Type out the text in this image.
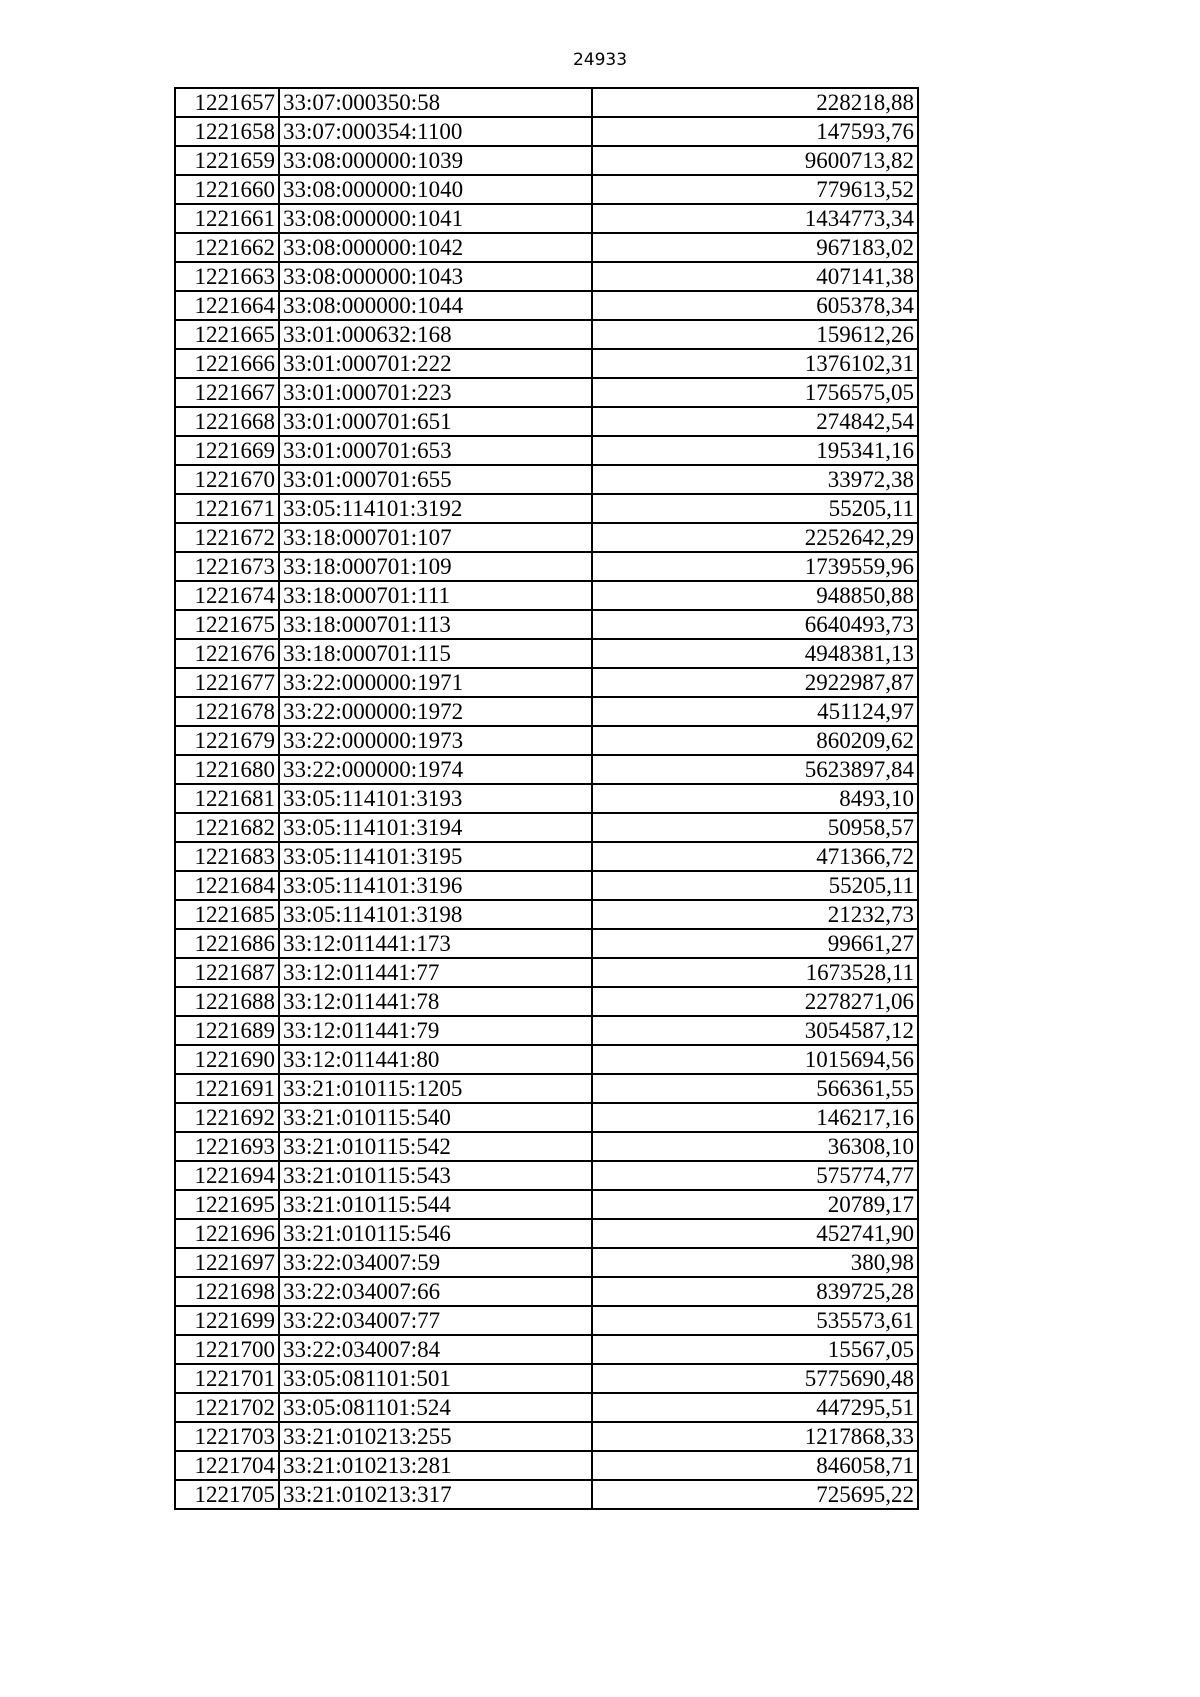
24933
1221657	33:07:000350:58	228218,88
1221658	33:07:000354:1100	147593,76
1221659	33:08:000000:1039	9600713,82
1221660	33:08:000000:1040	779613,52
1221661	33:08:000000:1041	1434773,34
1221662	33:08:000000:1042	967183,02
1221663	33:08:000000:1043	407141,38
1221664	33:08:000000:1044	605378,34
1221665	33:01:000632:168	159612,26
1221666	33:01:000701:222	1376102,31
1221667	33:01:000701:223	1756575,05
1221668	33:01:000701:651	274842,54
1221669	33:01:000701:653	195341,16
1221670	33:01:000701:655	33972,38
1221671	33:05:114101:3192	55205,11
1221672	33:18:000701:107	2252642,29
1221673	33:18:000701:109	1739559,96
1221674	33:18:000701:111	948850,88
1221675	33:18:000701:113	6640493,73
1221676	33:18:000701:115	4948381,13
1221677	33:22:000000:1971	2922987,87
1221678	33:22:000000:1972	451124,97
1221679	33:22:000000:1973	860209,62
1221680	33:22:000000:1974	5623897,84
1221681	33:05:114101:3193	8493,10
1221682	33:05:114101:3194	50958,57
1221683	33:05:114101:3195	471366,72
1221684	33:05:114101:3196	55205,11
1221685	33:05:114101:3198	21232,73
1221686	33:12:011441:173	99661,27
1221687	33:12:011441:77	1673528,11
1221688	33:12:011441:78	2278271,06
1221689	33:12:011441:79	3054587,12
1221690	33:12:011441:80	1015694,56
1221691	33:21:010115:1205	566361,55
1221692	33:21:010115:540	146217,16
1221693	33:21:010115:542	36308,10
1221694	33:21:010115:543	575774,77
1221695	33:21:010115:544	20789,17
1221696	33:21:010115:546	452741,90
1221697	33:22:034007:59	380,98
1221698	33:22:034007:66	839725,28
1221699	33:22:034007:77	535573,61
1221700	33:22:034007:84	15567,05
1221701	33:05:081101:501	5775690,48
1221702	33:05:081101:524	447295,51
1221703	33:21:010213:255	1217868,33
1221704	33:21:010213:281	846058,71
1221705	33:21:010213:317	725695,22
